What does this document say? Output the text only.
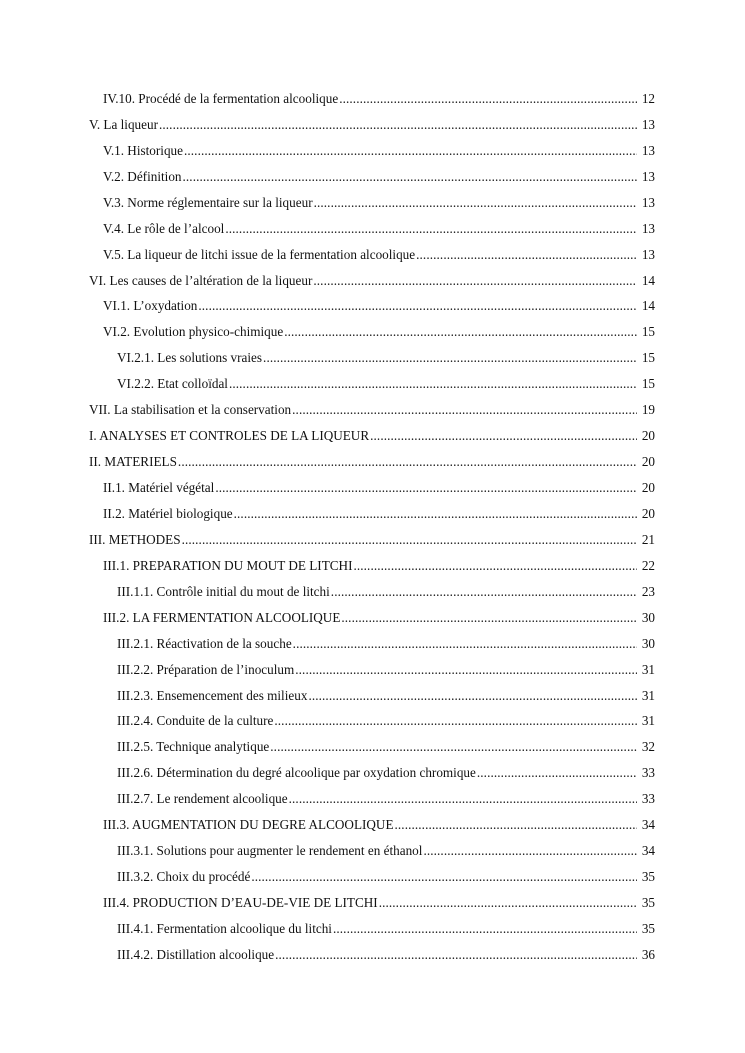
IV.10. Procédé de la fermentation alcoolique .....	12
V. La liqueur .....	13
V.1. Historique .....	13
V.2. Définition .....	13
V.3. Norme réglementaire sur la liqueur .....	13
V.4. Le rôle de l’alcool .....	13
V.5. La liqueur de litchi issue de la fermentation alcoolique .....	13
VI. Les causes de l’altération de la liqueur .....	14
VI.1. L’oxydation .....	14
VI.2. Evolution physico-chimique .....	15
VI.2.1. Les solutions vraies .....	15
VI.2.2. Etat colloïdal .....	15
VII. La stabilisation et la conservation .....	19
I. ANALYSES ET CONTROLES DE LA LIQUEUR .....	20
II. MATERIELS .....	20
II.1. Matériel végétal .....	20
II.2. Matériel biologique .....	20
III. METHODES .....	21
III.1. PREPARATION DU MOUT DE LITCHI .....	22
III.1.1. Contrôle initial du mout de litchi .....	23
III.2. LA FERMENTATION ALCOOLIQUE .....	30
III.2.1. Réactivation de la souche .....	30
III.2.2. Préparation de l’inoculum .....	31
III.2.3. Ensemencement des milieux .....	31
III.2.4. Conduite de la culture .....	31
III.2.5. Technique analytique .....	32
III.2.6. Détermination du degré alcoolique par oxydation chromique .....	33
III.2.7. Le rendement alcoolique .....	33
III.3. AUGMENTATION DU DEGRE ALCOOLIQUE .....	34
III.3.1. Solutions pour augmenter le rendement en éthanol .....	34
III.3.2. Choix du procédé .....	35
III.4. PRODUCTION D’EAU-DE-VIE DE LITCHI .....	35
III.4.1. Fermentation alcoolique du litchi .....	35
III.4.2. Distillation alcoolique .....	36
